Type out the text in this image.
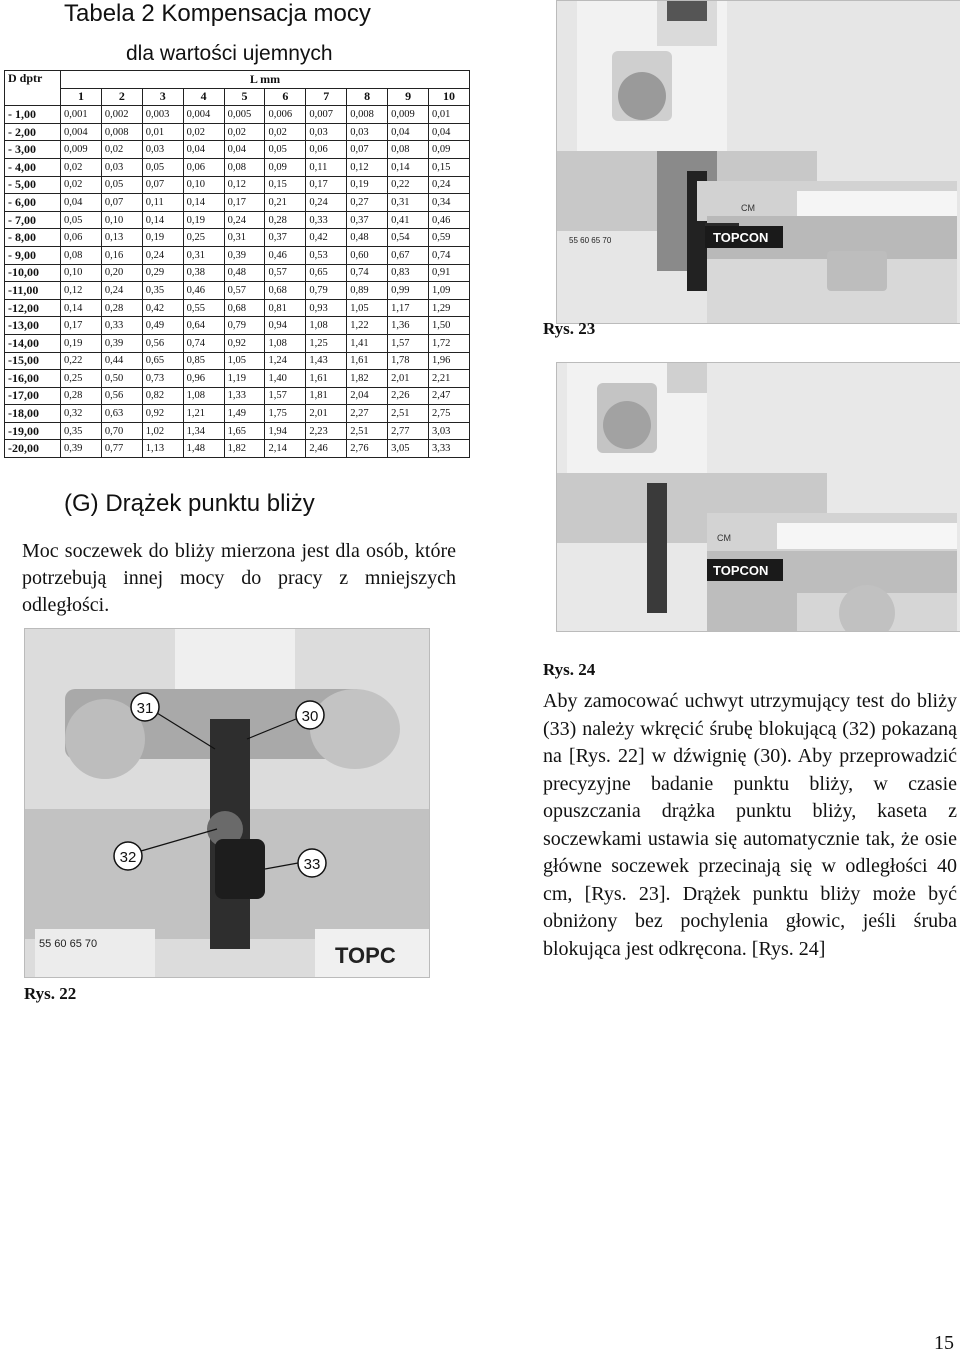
Tabela 2 Kompensacja mocy
dla wartości ujemnych
D dptr	L mm									
	1	2	3	4	5	6	7	8	9	10
- 1,00	0,001	0,002	0,003	0,004	0,005	0,006	0,007	0,008	0,009	0,01
- 2,00	0,004	0,008	0,01	0,02	0,02	0,02	0,03	0,03	0,04	0,04
- 3,00	0,009	0,02	0,03	0,04	0,04	0,05	0,06	0,07	0,08	0,09
- 4,00	0,02	0,03	0,05	0,06	0,08	0,09	0,11	0,12	0,14	0,15
- 5,00	0,02	0,05	0,07	0,10	0,12	0,15	0,17	0,19	0,22	0,24
- 6,00	0,04	0,07	0,11	0,14	0,17	0,21	0,24	0,27	0,31	0,34
- 7,00	0,05	0,10	0,14	0,19	0,24	0,28	0,33	0,37	0,41	0,46
- 8,00	0,06	0,13	0,19	0,25	0,31	0,37	0,42	0,48	0,54	0,59
- 9,00	0,08	0,16	0,24	0,31	0,39	0,46	0,53	0,60	0,67	0,74
-10,00	0,10	0,20	0,29	0,38	0,48	0,57	0,65	0,74	0,83	0,91
-11,00	0,12	0,24	0,35	0,46	0,57	0,68	0,79	0,89	0,99	1,09
-12,00	0,14	0,28	0,42	0,55	0,68	0,81	0,93	1,05	1,17	1,29
-13,00	0,17	0,33	0,49	0,64	0,79	0,94	1,08	1,22	1,36	1,50
-14,00	0,19	0,39	0,56	0,74	0,92	1,08	1,25	1,41	1,57	1,72
-15,00	0,22	0,44	0,65	0,85	1,05	1,24	1,43	1,61	1,78	1,96
-16,00	0,25	0,50	0,73	0,96	1,19	1,40	1,61	1,82	2,01	2,21
-17,00	0,28	0,56	0,82	1,08	1,33	1,57	1,81	2,04	2,26	2,47
-18,00	0,32	0,63	0,92	1,21	1,49	1,75	2,01	2,27	2,51	2,75
-19,00	0,35	0,70	1,02	1,34	1,65	1,94	2,23	2,51	2,77	3,03
-20,00	0,39	0,77	1,13	1,48	1,82	2,14	2,46	2,76	3,05	3,33
CM
55 60 65 70	TOPCON
Rys. 23
CM
TOPCON
Rys. 24
55 60 65 70	TOPC
31	30
32	33
Rys. 22
(G) Drążek punktu bliży
Moc soczewek do bliży mierzona jest dla osób, które potrzebują innej mocy do pracy z mniejszych odległości.
Aby zamocować uchwyt utrzymujący test do bliży (33) należy wkręcić śrubę blokującą (32) pokazaną na [Rys. 22] w dźwignię (30). Aby przeprowadzić precyzyjne badanie punktu bliży, w czasie opuszczania drążka punktu bliży, kaseta z soczewkami ustawia się automatycznie tak, że osie główne soczewek przecinają się w odległości 40 cm, [Rys. 23]. Drążek punktu bliży może być obniżony bez pochylenia głowic, jeśli śruba blokująca jest odkręcona. [Rys. 24]
15
